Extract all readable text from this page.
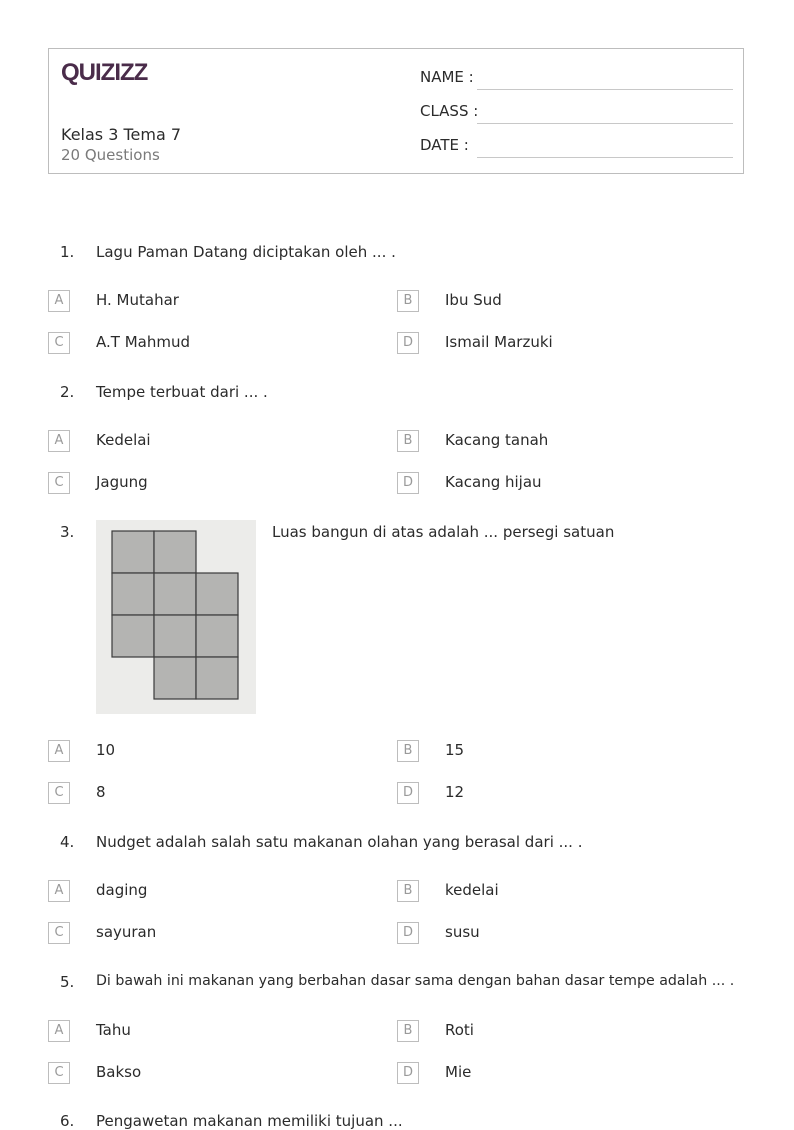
QUIZIZZ
Kelas 3 Tema 7
20 Questions
NAME :
CLASS :
DATE :
1. Lagu Paman Datang diciptakan oleh ... .
A	H. Mutahar	B	Ibu Sud
C	A.T Mahmud	D	Ismail Marzuki
2. Tempe terbuat dari ... .
A	Kedelai	B	Kacang tanah
C	Jagung	D	Kacang hijau
3.	Luas bangun di atas adalah ... persegi satuan
A	10	B	15
C	8	D	12
4. Nudget adalah salah satu makanan olahan yang berasal dari ... .
A	daging	B	kedelai
C	sayuran	D	susu
5. Di bawah ini makanan yang berbahan dasar sama dengan bahan dasar tempe adalah ... .
A	Tahu	B	Roti
C	Bakso	D	Mie
6. Pengawetan makanan memiliki tujuan ...
